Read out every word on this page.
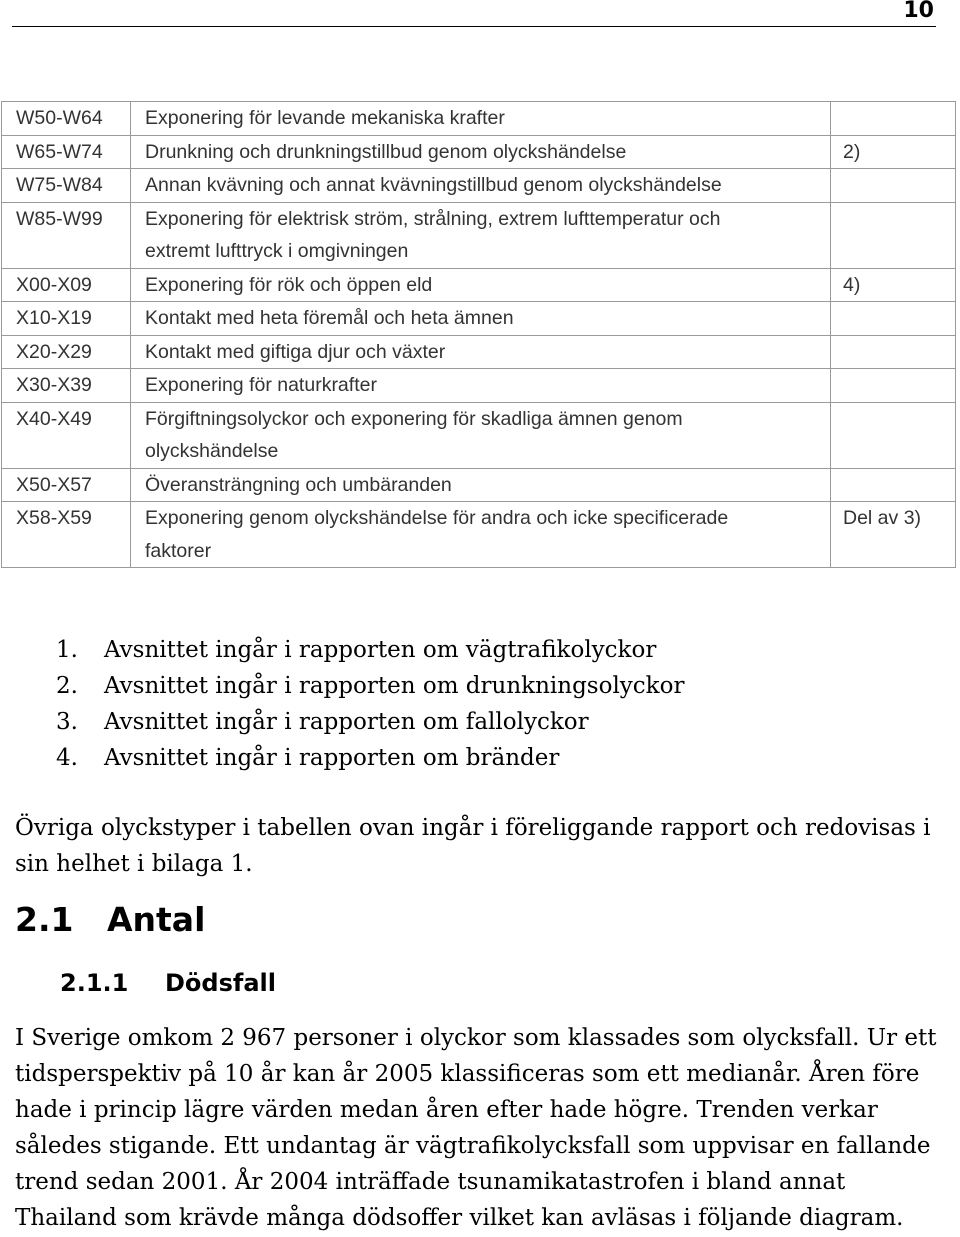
10
W50-W64	Exponering för levande mekaniska krafter	

W65-W74	Drunkning och drunkningstillbud genom olyckshändelse	2)
W75-W84	Annan kvävning och annat kvävningstillbud genom olyckshändelse	

W85-W99	Exponering för elektrisk ström, strålning, extrem lufttemperatur och
extremt lufttryck i omgivningen	

X00-X09	Exponering för rök och öppen eld	4)
X10-X19	Kontakt med heta föremål och heta ämnen	

X20-X29	Kontakt med giftiga djur och växter	

X30-X39	Exponering för naturkrafter	

X40-X49	Förgiftningsolyckor och exponering för skadliga ämnen genom
olyckshändelse	

X50-X57	Överansträngning och umbäranden	

X58-X59	Exponering genom olyckshändelse för andra och icke specificerade
faktorer	Del av 3)
1. Avsnittet ingår i rapporten om vägtrafikolyckor
2. Avsnittet ingår i rapporten om drunkningsolyckor
3. Avsnittet ingår i rapporten om fallolyckor
4. Avsnittet ingår i rapporten om bränder

Övriga olyckstyper i tabellen ovan ingår i föreliggande rapport och redovisas i sin helhet i bilaga 1.

2.1 Antal
2.1.1 Dödsfall

I Sverige omkom 2 967 personer i olyckor som klassades som olycksfall. Ur ett tidsperspektiv på 10 år kan år 2005 klassificeras som ett medianår. Åren före hade i princip lägre värden medan åren efter hade högre. Trenden verkar således stigande. Ett undantag är vägtrafikolycksfall som uppvisar en fallande trend sedan 2001. År 2004 inträffade tsunamikatastrofen i bland annat Thailand som krävde många dödsoffer vilket kan avläsas i följande diagram.
